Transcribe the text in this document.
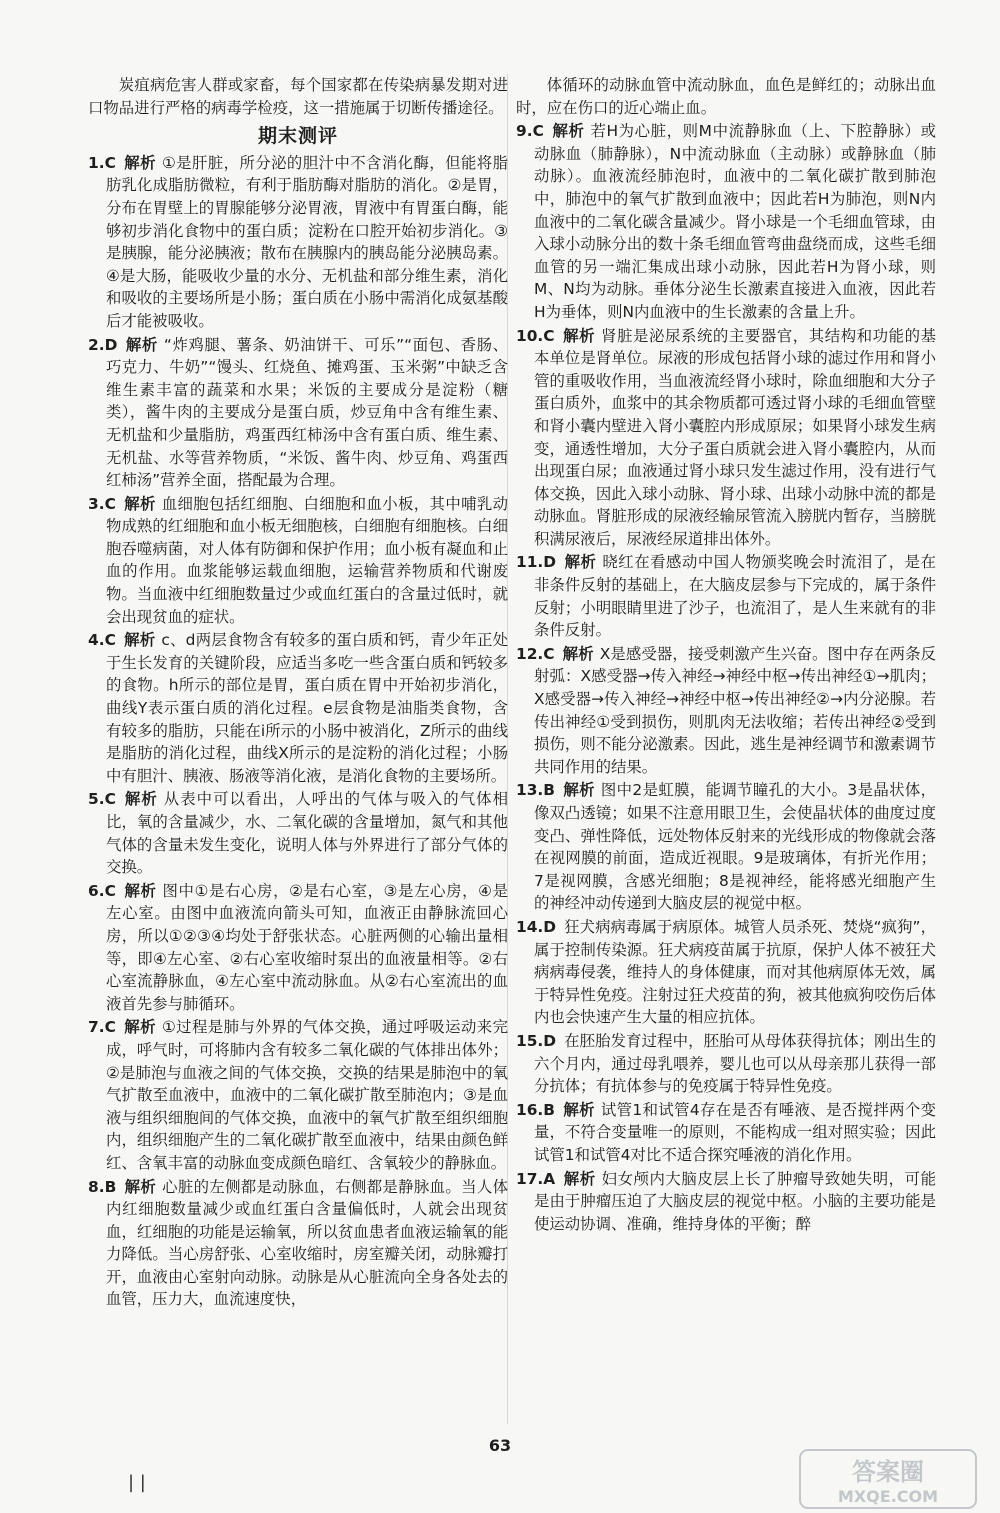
炭疽病危害人群或家畜，每个国家都在传染病暴发期对进口物品进行严格的病毒学检疫，这一措施属于切断传播途径。

期末测评

1.C 解析 ①是肝脏，所分泌的胆汁中不含消化酶，但能将脂肪乳化成脂肪微粒，有利于脂肪酶对脂肪的消化。②是胃，分布在胃壁上的胃腺能够分泌胃液，胃液中有胃蛋白酶，能够初步消化食物中的蛋白质；淀粉在口腔开始初步消化。③是胰腺，能分泌胰液；散布在胰腺内的胰岛能分泌胰岛素。④是大肠，能吸收少量的水分、无机盐和部分维生素，消化和吸收的主要场所是小肠；蛋白质在小肠中需消化成氨基酸后才能被吸收。

2.D 解析 “炸鸡腿、薯条、奶油饼干、可乐”“面包、香肠、巧克力、牛奶”“馒头、红烧鱼、摊鸡蛋、玉米粥”中缺乏含维生素丰富的蔬菜和水果；米饭的主要成分是淀粉（糖类），酱牛肉的主要成分是蛋白质，炒豆角中含有维生素、无机盐和少量脂肪，鸡蛋西红柿汤中含有蛋白质、维生素、无机盐、水等营养物质，“米饭、酱牛肉、炒豆角、鸡蛋西红柿汤”营养全面，搭配最为合理。

3.C 解析 血细胞包括红细胞、白细胞和血小板，其中哺乳动物成熟的红细胞和血小板无细胞核，白细胞有细胞核。白细胞吞噬病菌，对人体有防御和保护作用；血小板有凝血和止血的作用。血浆能够运载血细胞，运输营养物质和代谢废物。当血液中红细胞数量过少或血红蛋白的含量过低时，就会出现贫血的症状。

4.C 解析 c、d两层食物含有较多的蛋白质和钙，青少年正处于生长发育的关键阶段，应适当多吃一些含蛋白质和钙较多的食物。h所示的部位是胃，蛋白质在胃中开始初步消化，曲线Y表示蛋白质的消化过程。e层食物是油脂类食物，含有较多的脂肪，只能在i所示的小肠中被消化，Z所示的曲线是脂肪的消化过程，曲线X所示的是淀粉的消化过程；小肠中有胆汁、胰液、肠液等消化液，是消化食物的主要场所。

5.C 解析 从表中可以看出，人呼出的气体与吸入的气体相比，氧的含量减少，水、二氧化碳的含量增加，氮气和其他气体的含量未发生变化，说明人体与外界进行了部分气体的交换。

6.C 解析 图中①是右心房，②是右心室，③是左心房，④是左心室。由图中血液流向箭头可知，血液正由静脉流回心房，所以①②③④均处于舒张状态。心脏两侧的心输出量相等，即④左心室、②右心室收缩时泵出的血液量相等。②右心室流静脉血，④左心室中流动脉血。从②右心室流出的血液首先参与肺循环。

7.C 解析 ①过程是肺与外界的气体交换，通过呼吸运动来完成，呼气时，可将肺内含有较多二氧化碳的气体排出体外；②是肺泡与血液之间的气体交换，交换的结果是肺泡中的氧气扩散至血液中，血液中的二氧化碳扩散至肺泡内；③是血液与组织细胞间的气体交换，血液中的氧气扩散至组织细胞内，组织细胞产生的二氧化碳扩散至血液中，结果由颜色鲜红、含氧丰富的动脉血变成颜色暗红、含氧较少的静脉血。

8.B 解析 心脏的左侧都是动脉血，右侧都是静脉血。当人体内红细胞数量减少或血红蛋白含量偏低时，人就会出现贫血，红细胞的功能是运输氧，所以贫血患者血液运输氧的能力降低。当心房舒张、心室收缩时，房室瓣关闭，动脉瓣打开，血液由心室射向动脉。动脉是从心脏流向全身各处去的血管，压力大，血流速度快，

体循环的动脉血管中流动脉血，血色是鲜红的；动脉出血时，应在伤口的近心端止血。

9.C 解析 若H为心脏，则M中流静脉血（上、下腔静脉）或动脉血（肺静脉），N中流动脉血（主动脉）或静脉血（肺动脉）。血液流经肺泡时，血液中的二氧化碳扩散到肺泡中，肺泡中的氧气扩散到血液中；因此若H为肺泡，则N内血液中的二氧化碳含量减少。肾小球是一个毛细血管球，由入球小动脉分出的数十条毛细血管弯曲盘绕而成，这些毛细血管的另一端汇集成出球小动脉，因此若H为肾小球，则M、N均为动脉。垂体分泌生长激素直接进入血液，因此若H为垂体，则N内血液中的生长激素的含量上升。

10.C 解析 肾脏是泌尿系统的主要器官，其结构和功能的基本单位是肾单位。尿液的形成包括肾小球的滤过作用和肾小管的重吸收作用，当血液流经肾小球时，除血细胞和大分子蛋白质外，血浆中的其余物质都可透过肾小球的毛细血管壁和肾小囊内壁进入肾小囊腔内形成原尿；如果肾小球发生病变，通透性增加，大分子蛋白质就会进入肾小囊腔内，从而出现蛋白尿；血液通过肾小球只发生滤过作用，没有进行气体交换，因此入球小动脉、肾小球、出球小动脉中流的都是动脉血。肾脏形成的尿液经输尿管流入膀胱内暂存，当膀胱积满尿液后，尿液经尿道排出体外。

11.D 解析 晓红在看感动中国人物颁奖晚会时流泪了，是在非条件反射的基础上，在大脑皮层参与下完成的，属于条件反射；小明眼睛里进了沙子，也流泪了，是人生来就有的非条件反射。

12.C 解析 X是感受器，接受刺激产生兴奋。图中存在两条反射弧：X感受器→传入神经→神经中枢→传出神经①→肌肉；X感受器→传入神经→神经中枢→传出神经②→内分泌腺。若传出神经①受到损伤，则肌肉无法收缩；若传出神经②受到损伤，则不能分泌激素。因此，逃生是神经调节和激素调节共同作用的结果。

13.B 解析 图中2是虹膜，能调节瞳孔的大小。3是晶状体，像双凸透镜；如果不注意用眼卫生，会使晶状体的曲度过度变凸、弹性降低，远处物体反射来的光线形成的物像就会落在视网膜的前面，造成近视眼。9是玻璃体，有折光作用；7是视网膜，含感光细胞；8是视神经，能将感光细胞产生的神经冲动传递到大脑皮层的视觉中枢。

14.D 狂犬病病毒属于病原体。城管人员杀死、焚烧“疯狗”，属于控制传染源。狂犬病疫苗属于抗原，保护人体不被狂犬病病毒侵袭，维持人的身体健康，而对其他病原体无效，属于特异性免疫。注射过狂犬疫苗的狗，被其他疯狗咬伤后体内也会快速产生大量的相应抗体。

15.D 在胚胎发育过程中，胚胎可从母体获得抗体；刚出生的六个月内，通过母乳喂养，婴儿也可以从母亲那儿获得一部分抗体；有抗体参与的免疫属于特异性免疫。

16.B 解析 试管1和试管4存在是否有唾液、是否搅拌两个变量，不符合变量唯一的原则，不能构成一组对照实验；因此试管1和试管4对比不适合探究唾液的消化作用。

17.A 解析 妇女颅内大脑皮层上长了肿瘤导致她失明，可能是由于肿瘤压迫了大脑皮层的视觉中枢。小脑的主要功能是使运动协调、准确，维持身体的平衡；醉

63
| |	答案圈
MXQE.COM
